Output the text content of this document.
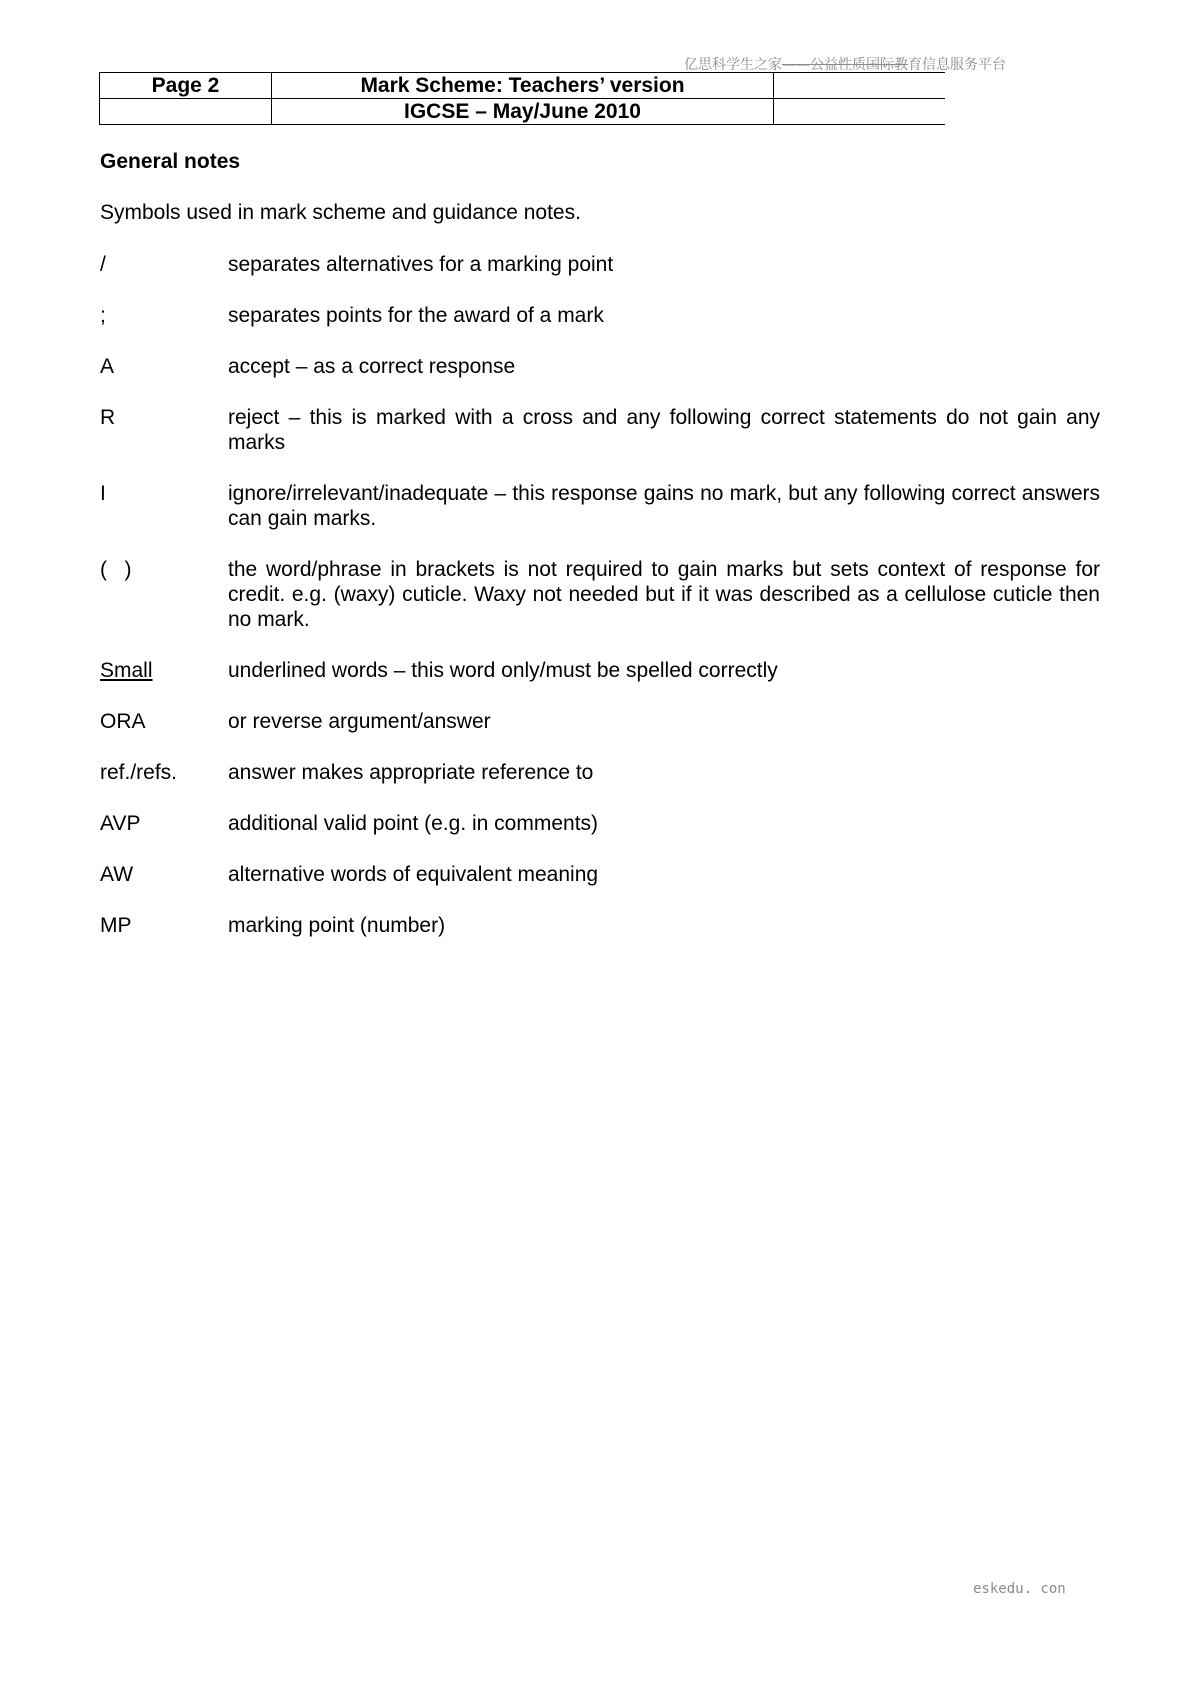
亿思科学生之家——公益性质国际教育信息服务平台
Page 2	Mark Scheme: Teachers’ version	
	IGCSE – May/June 2010	
General notes
Symbols used in mark scheme and guidance notes.
/	separates alternatives for a marking point
;	separates points for the award of a mark
A	accept – as a correct response
R	reject – this is marked with a cross and any following correct statements do not gain any marks
I	ignore/irrelevant/inadequate – this response gains no mark, but any following correct answers can gain marks.
(   )	the word/phrase in brackets is not required to gain marks but sets context of response for credit. e.g. (waxy) cuticle. Waxy not needed but if it was described as a cellulose cuticle then no mark.
Small	underlined words – this word only/must be spelled correctly
ORA	or reverse argument/answer
ref./refs.	answer makes appropriate reference to
AVP	additional valid point (e.g. in comments)
AW	alternative words of equivalent meaning
MP	marking point (number)
eskedu. con
